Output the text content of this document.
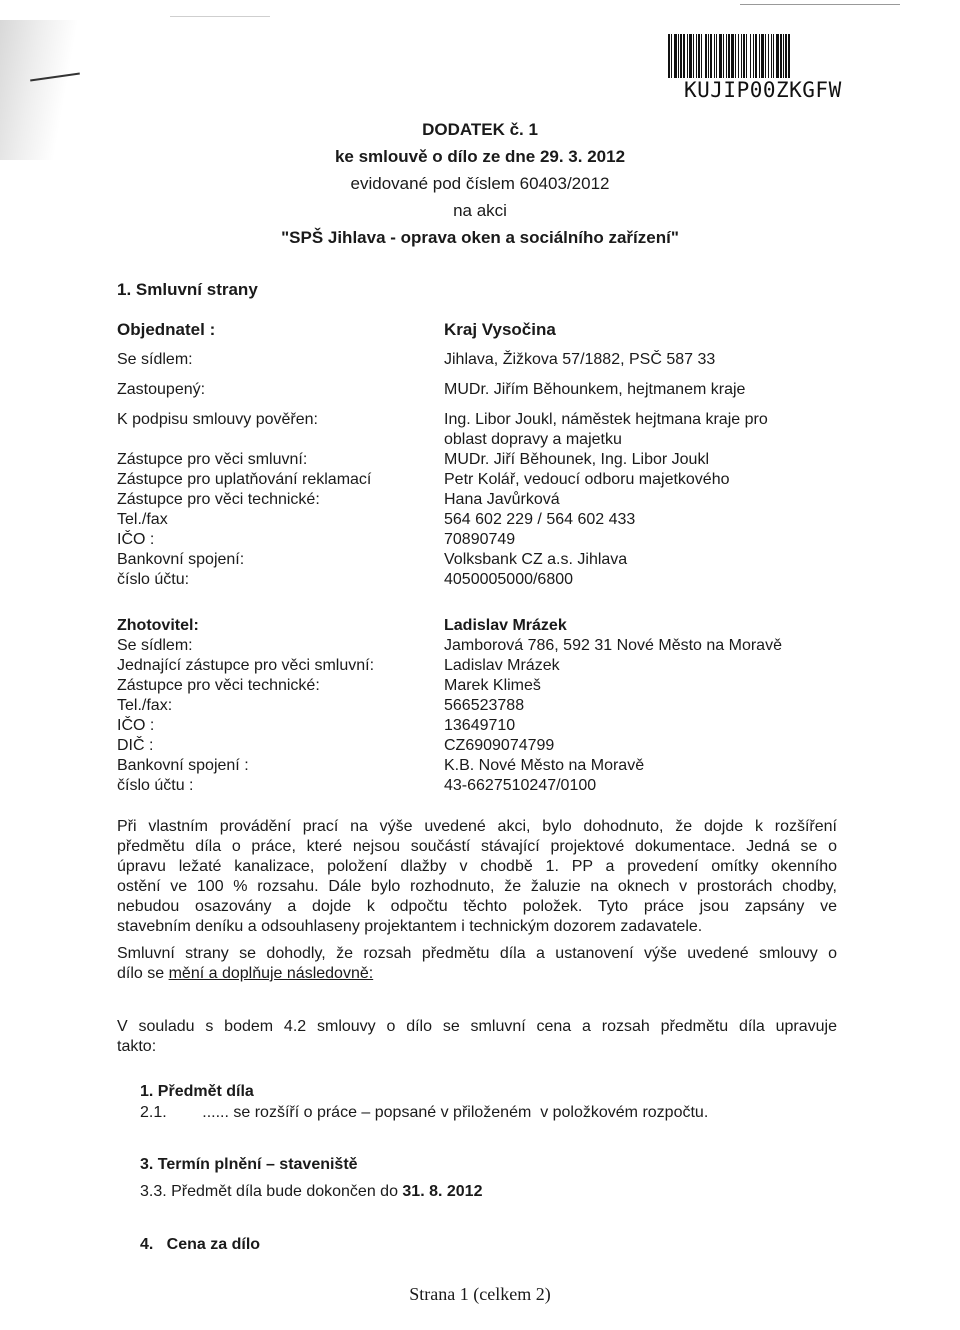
KUJIP00ZKGFW
DODATEK č. 1
ke smlouvě o dílo ze dne 29. 3. 2012
evidované pod číslem 60403/2012
na akci
"SPŠ Jihlava - oprava oken a sociálního zařízení"
1. Smluvní strany
Objednatel :	Kraj Vysočina
Se sídlem:	Jihlava, Žižkova 57/1882, PSČ 587 33
Zastoupený:	MUDr. Jiřím Běhounkem, hejtmanem kraje
K podpisu smlouvy pověřen:	Ing. Libor Joukl, náměstek hejtmana kraje pro
oblast dopravy a majetku
Zástupce pro věci smluvní:	MUDr. Jiří Běhounek, Ing. Libor Joukl
Zástupce pro uplatňování reklamací	Petr Kolář, vedoucí odboru majetkového
Zástupce pro věci technické:	Hana Javůrková
Tel./fax	564 602 229 / 564 602 433
IČO :	70890749
Bankovní spojení:	Volksbank CZ a.s. Jihlava
číslo účtu:	4050005000/6800
Zhotovitel:	Ladislav Mrázek
Se sídlem:	Jamborová 786, 592 31 Nové Město na Moravě
Jednající zástupce pro věci smluvní:	Ladislav Mrázek
Zástupce pro věci technické:	Marek Klimeš
Tel./fax:	566523788
IČO :	13649710
DIČ :	CZ6909074799
Bankovní spojení :	K.B. Nové Město na Moravě
číslo účtu :	43-6627510247/0100
Při vlastním provádění prací na výše uvedené akci, bylo dohodnuto, že dojde k rozšíření
předmětu díla o práce, které nejsou součástí stávající projektové dokumentace. Jedná se o
úpravu ležaté kanalizace, položení dlažby v chodbě 1. PP a provedení omítky okenního
ostění ve 100 % rozsahu. Dále bylo rozhodnuto, že žaluzie na oknech v prostorách chodby,
nebudou osazovány a dojde k odpočtu těchto položek. Tyto práce jsou zapsány ve
stavebním deníku a odsouhlaseny projektantem i technickým dozorem zadavatele.
Smluvní strany se dohodly, že rozsah předmětu díla a ustanovení výše uvedené smlouvy o
dílo se mění a doplňuje následovně:
V souladu s bodem 4.2 smlouvy o dílo se smluvní cena a rozsah předmětu díla upravuje
takto:
1. Předmět díla
2.1.        ...... se rozšíří o práce – popsané v přiloženém  v položkovém rozpočtu.
3. Termín plnění – staveniště
3.3. Předmět díla bude dokončen do 31. 8. 2012
4.   Cena za dílo
Strana 1 (celkem 2)
